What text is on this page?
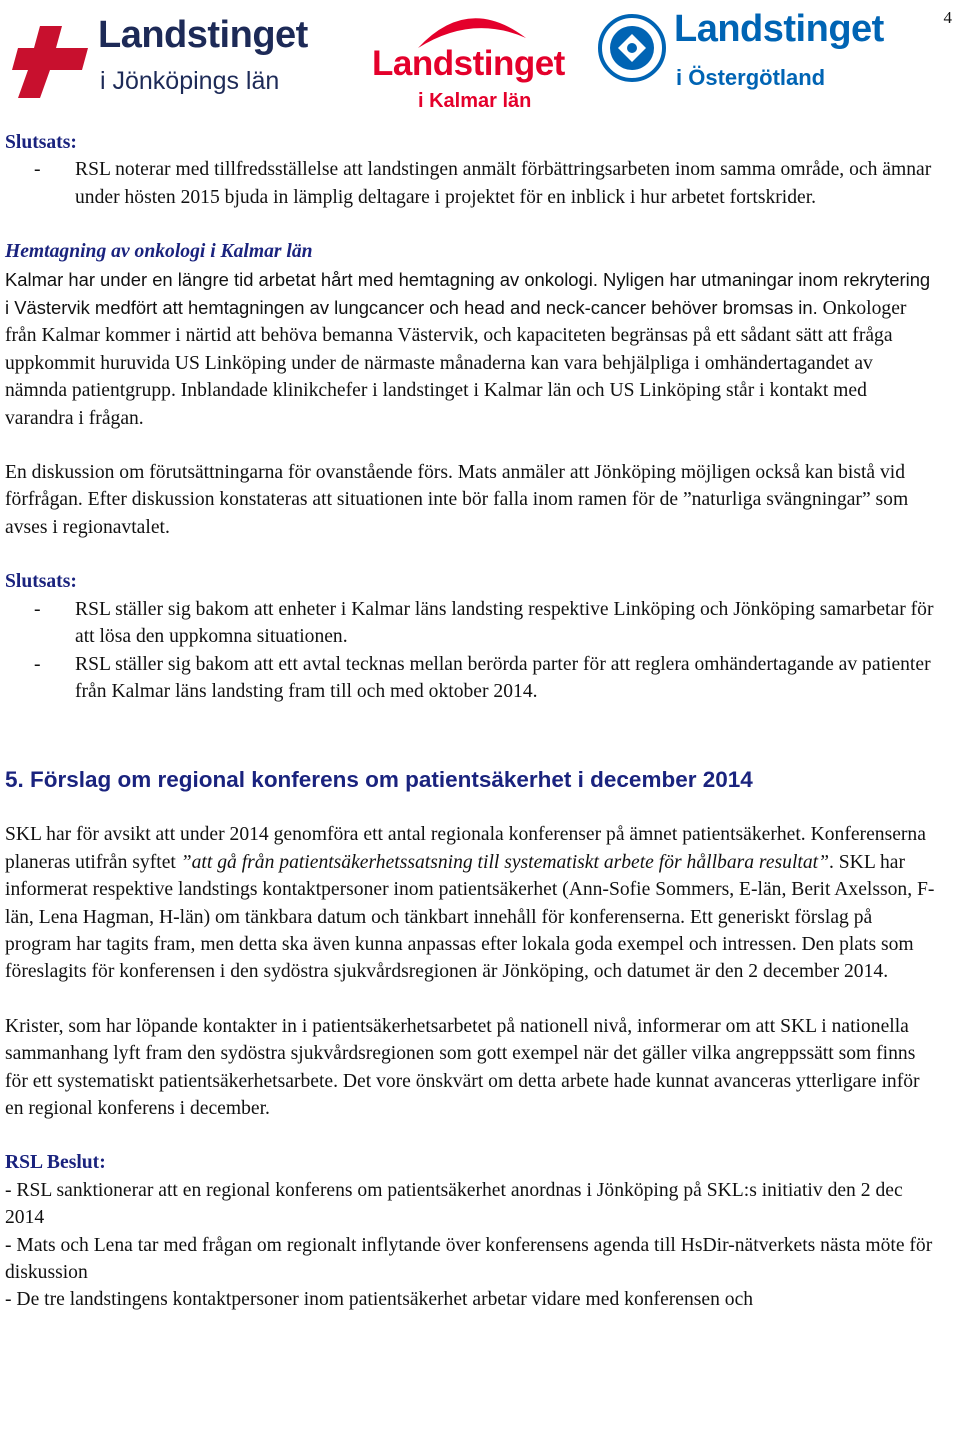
4
Landstinget
i Jönköpings län	Landstinget
i Kalmar län
Landstinget
i Östergötland
Slutsats:
-	RSL noterar med tillfredsställelse att landstingen anmält förbättringsarbeten inom samma område, och ämnar under hösten 2015 bjuda in lämplig deltagare i projektet för en inblick i hur arbetet fortskrider.
Hemtagning av onkologi i Kalmar län

Kalmar har under en längre tid arbetat hårt med hemtagning av onkologi. Nyligen har utmaningar inom rekrytering i Västervik medfört att hemtagningen av lungcancer och head and neck-cancer behöver bromsas in. Onkologer från Kalmar kommer i närtid att behöva bemanna Västervik, och kapaciteten begränsas på ett sådant sätt att fråga uppkommit huruvida US Linköping under de närmaste månaderna kan vara behjälpliga i omhändertagandet av nämnda patientgrupp. Inblandade klinikchefer i landstinget i Kalmar län och US Linköping står i kontakt med varandra i frågan.

En diskussion om förutsättningarna för ovanstående förs. Mats anmäler att Jönköping möjligen också kan bistå vid förfrågan. Efter diskussion konstateras att situationen inte bör falla inom ramen för de ”naturliga svängningar” som avses i regionavtalet.

Slutsats:
-	RSL ställer sig bakom att enheter i Kalmar läns landsting respektive Linköping och Jönköping samarbetar för att lösa den uppkomna situationen.
-	RSL ställer sig bakom att ett avtal tecknas mellan berörda parter för att reglera omhändertagande av patienter från Kalmar läns landsting fram till och med oktober 2014.
5. Förslag om regional konferens om patientsäkerhet i december 2014

SKL har för avsikt att under 2014 genomföra ett antal regionala konferenser på ämnet patientsäkerhet. Konferenserna planeras utifrån syftet ”att gå från patientsäkerhetssatsning till systematiskt arbete för hållbara resultat”. SKL har informerat respektive landstings kontaktpersoner inom patientsäkerhet (Ann-Sofie Sommers, E-län, Berit Axelsson, F-län, Lena Hagman, H-län) om tänkbara datum och tänkbart innehåll för konferenserna. Ett generiskt förslag på program har tagits fram, men detta ska även kunna anpassas efter lokala goda exempel och intressen. Den plats som föreslagits för konferensen i den sydöstra sjukvårdsregionen är Jönköping, och datumet är den 2 december 2014.

Krister, som har löpande kontakter in i patientsäkerhetsarbetet på nationell nivå, informerar om att SKL i nationella sammanhang lyft fram den sydöstra sjukvårdsregionen som gott exempel när det gäller vilka angreppssätt som finns för ett systematiskt patientsäkerhetsarbete. Det vore önskvärt om detta arbete hade kunnat avanceras ytterligare inför en regional konferens i december.

RSL Beslut:
- RSL sanktionerar att en regional konferens om patientsäkerhet anordnas i Jönköping på SKL:s initiativ den 2 dec 2014
- Mats och Lena tar med frågan om regionalt inflytande över konferensens agenda till HsDir-nätverkets nästa möte för diskussion
- De tre landstingens kontaktpersoner inom patientsäkerhet arbetar vidare med konferensen och
